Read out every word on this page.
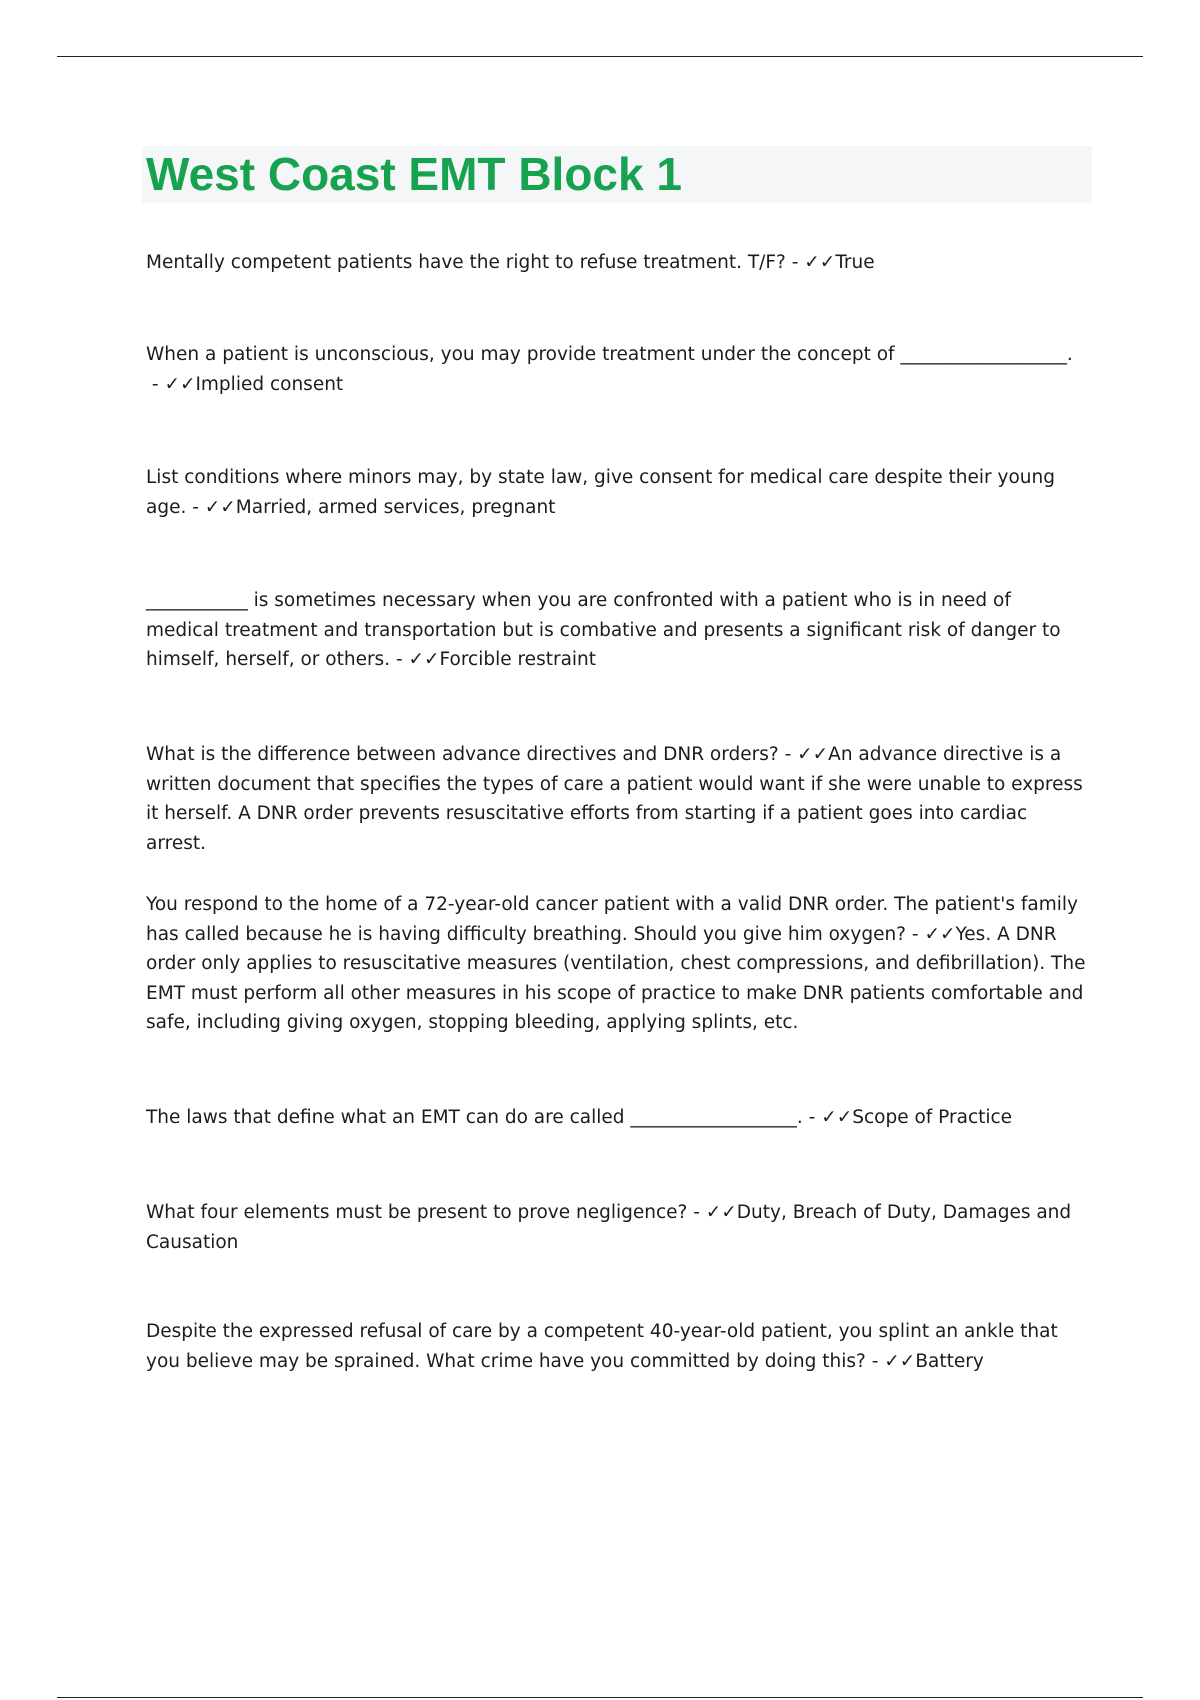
West Coast EMT Block 1

Mentally competent patients have the right to refuse treatment. T/F? - ✓✓True

When a patient is unconscious, you may provide treatment under the concept of __________________. - ✓✓Implied consent

List conditions where minors may, by state law, give consent for medical care despite their young age. - ✓✓Married, armed services, pregnant

___________ is sometimes necessary when you are confronted with a patient who is in need of medical treatment and transportation but is combative and presents a significant risk of danger to himself, herself, or others. - ✓✓Forcible restraint

What is the difference between advance directives and DNR orders? - ✓✓An advance directive is a written document that specifies the types of care a patient would want if she were unable to express it herself. A DNR order prevents resuscitative efforts from starting if a patient goes into cardiac arrest.

You respond to the home of a 72-year-old cancer patient with a valid DNR order. The patient's family has called because he is having difficulty breathing. Should you give him oxygen? - ✓✓Yes. A DNR order only applies to resuscitative measures (ventilation, chest compressions, and defibrillation). The EMT must perform all other measures in his scope of practice to make DNR patients comfortable and safe, including giving oxygen, stopping bleeding, applying splints, etc.

The laws that define what an EMT can do are called __________________. - ✓✓Scope of Practice

What four elements must be present to prove negligence? - ✓✓Duty, Breach of Duty, Damages and Causation

Despite the expressed refusal of care by a competent 40-year-old patient, you splint an ankle that you believe may be sprained. What crime have you committed by doing this? - ✓✓Battery
